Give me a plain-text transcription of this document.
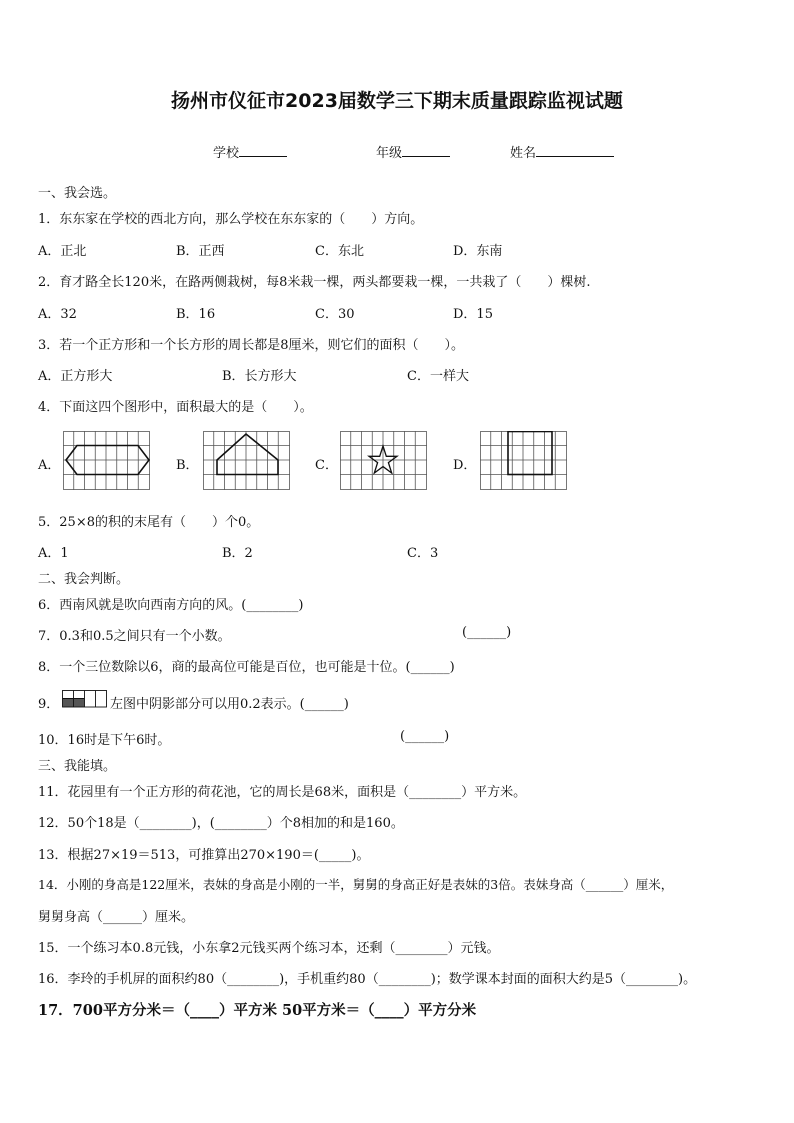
扬州市仪征市2023届数学三下期末质量跟踪监视试题
学校	年级	姓名
一、我会选。
1．东东家在学校的西北方向，那么学校在东东家的（　　）方向。
A．正北	B．正西	C．东北	D．东南
2．育才路全长120米，在路两侧栽树，每8米栽一棵，两头都要栽一棵，一共栽了（　　）棵树.
A．32	B．16	C．30	D．15
3．若一个正方形和一个长方形的周长都是8厘米，则它们的面积（　　）。
A．正方形大	B．长方形大	C．一样大
4．下面这四个图形中，面积最大的是（　　）。
A．	B．	C．	D．
5．25×8的积的末尾有（　　）个0。
A．1	B．2	C．3
二、我会判断。
6．西南风就是吹向西南方向的风。(________)
7．0.3和0.5之间只有一个小数。	(______)
8．一个三位数除以6，商的最高位可能是百位，也可能是十位。(______)
9．	左图中阴影部分可以用0.2表示。(______)
10．16时是下午6时。	(______)
三、我能填。
11．花园里有一个正方形的荷花池，它的周长是68米，面积是（________）平方米。
12．50个18是（________)，(________）个8相加的和是160。
13．根据27×19＝513，可推算出270×190＝(_____)。
14．小刚的身高是122厘米，表妹的身高是小刚的一半，舅舅的身高正好是表妹的3倍。表妹身高（______）厘米，
舅舅身高（______）厘米。
15．一个练习本0.8元钱，小东拿2元钱买两个练习本，还剩（________）元钱。
16．李玲的手机屏的面积约80（________)，手机重约80（________)；数学课本封面的面积大约是5（________)。
17．700平方分米＝（____）平方米 50平方米＝（____）平方分米
